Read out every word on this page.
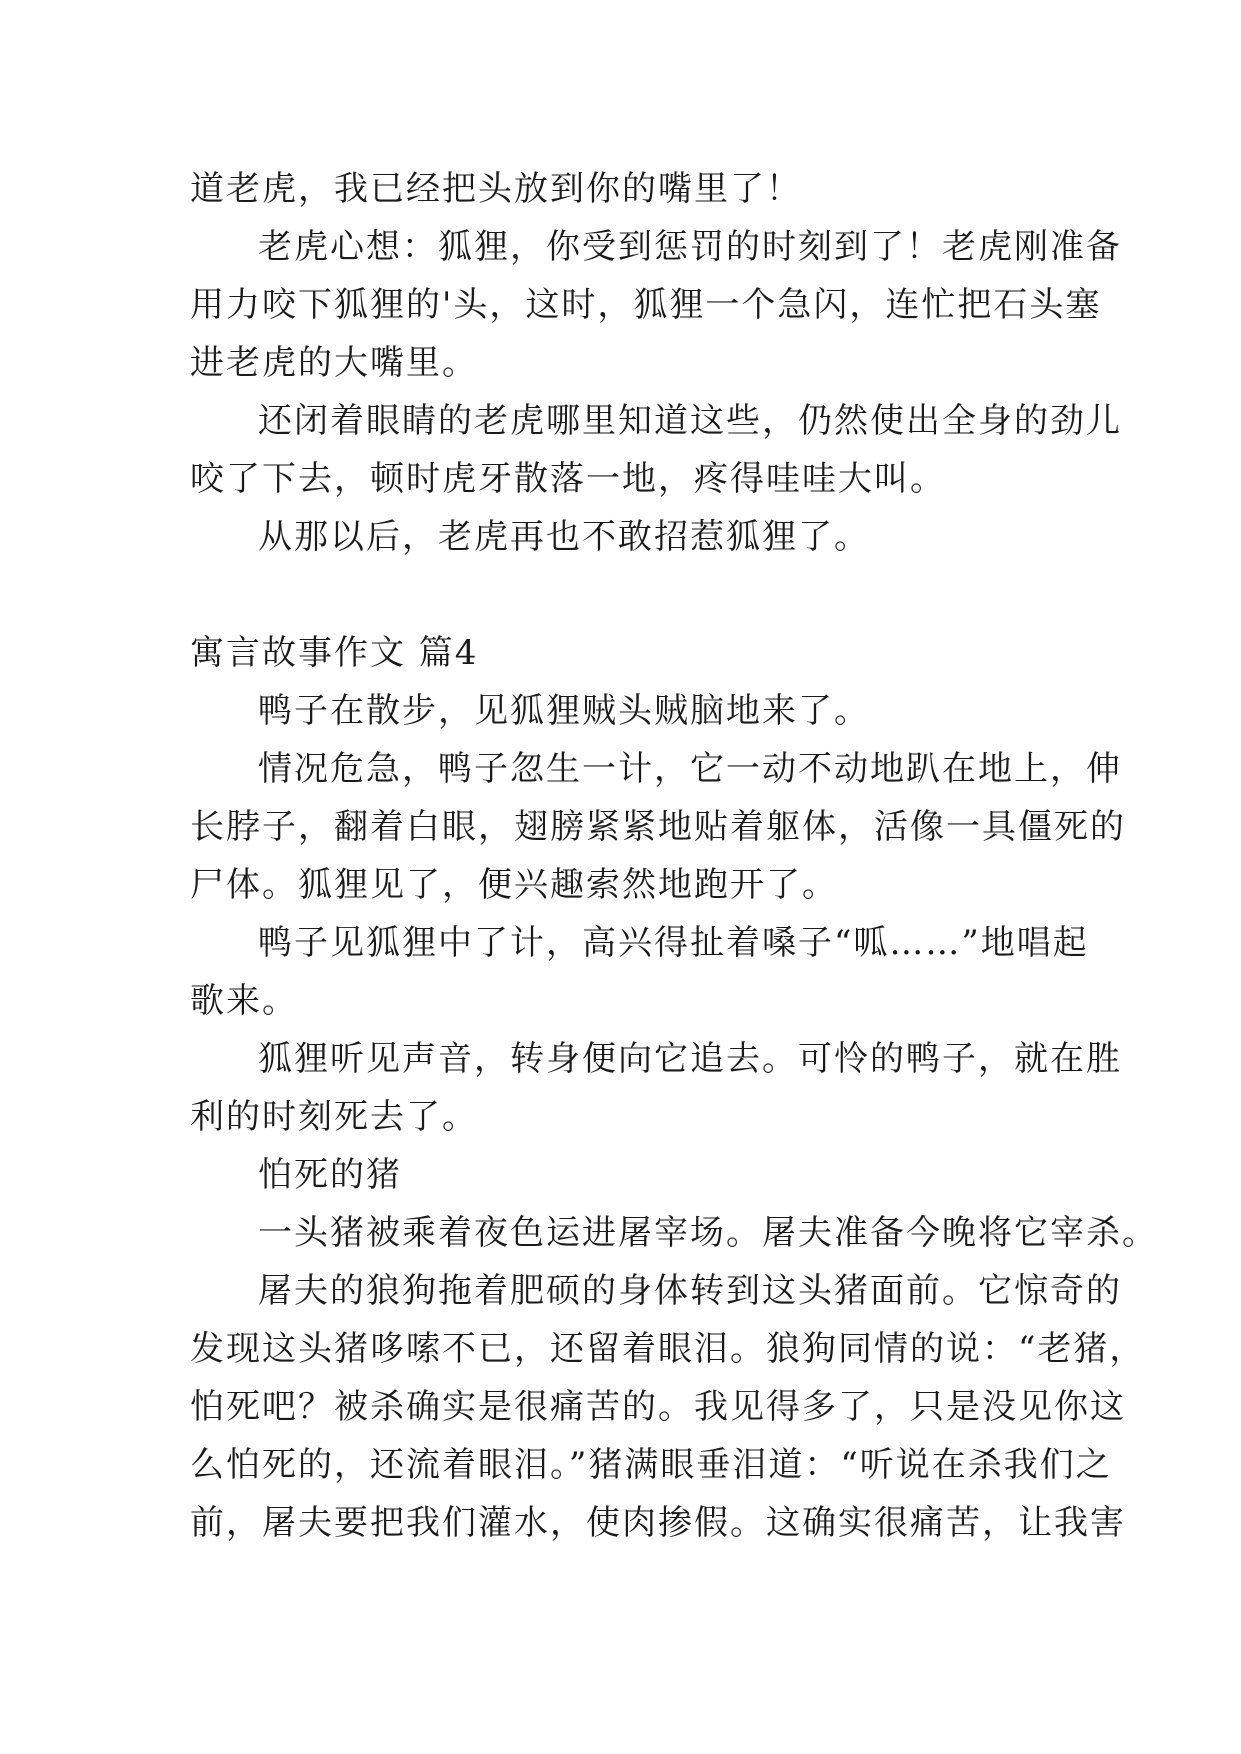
道老虎，我已经把头放到你的嘴里了！
老虎心想：狐狸，你受到惩罚的时刻到了！老虎刚准备
用力咬下狐狸的'头，这时，狐狸一个急闪，连忙把石头塞
进老虎的大嘴里。
还闭着眼睛的老虎哪里知道这些，仍然使出全身的劲儿
咬了下去，顿时虎牙散落一地，疼得哇哇大叫。
从那以后，老虎再也不敢招惹狐狸了。
寓言故事作文 篇4
鸭子在散步，见狐狸贼头贼脑地来了。
情况危急，鸭子忽生一计，它一动不动地趴在地上，伸
长脖子，翻着白眼，翅膀紧紧地贴着躯体，活像一具僵死的
尸体。狐狸见了，便兴趣索然地跑开了。
鸭子见狐狸中了计，高兴得扯着嗓子“呱……”地唱起
歌来。
狐狸听见声音，转身便向它追去。可怜的鸭子，就在胜
利的时刻死去了。
怕死的猪
一头猪被乘着夜色运进屠宰场。屠夫准备今晚将它宰杀。
屠夫的狼狗拖着肥硕的身体转到这头猪面前。它惊奇的
发现这头猪哆嗦不已，还留着眼泪。狼狗同情的说：“老猪，
怕死吧？被杀确实是很痛苦的。我见得多了，只是没见你这
么怕死的，还流着眼泪。”猪满眼垂泪道：“听说在杀我们之
前，屠夫要把我们灌水，使肉掺假。这确实很痛苦，让我害
